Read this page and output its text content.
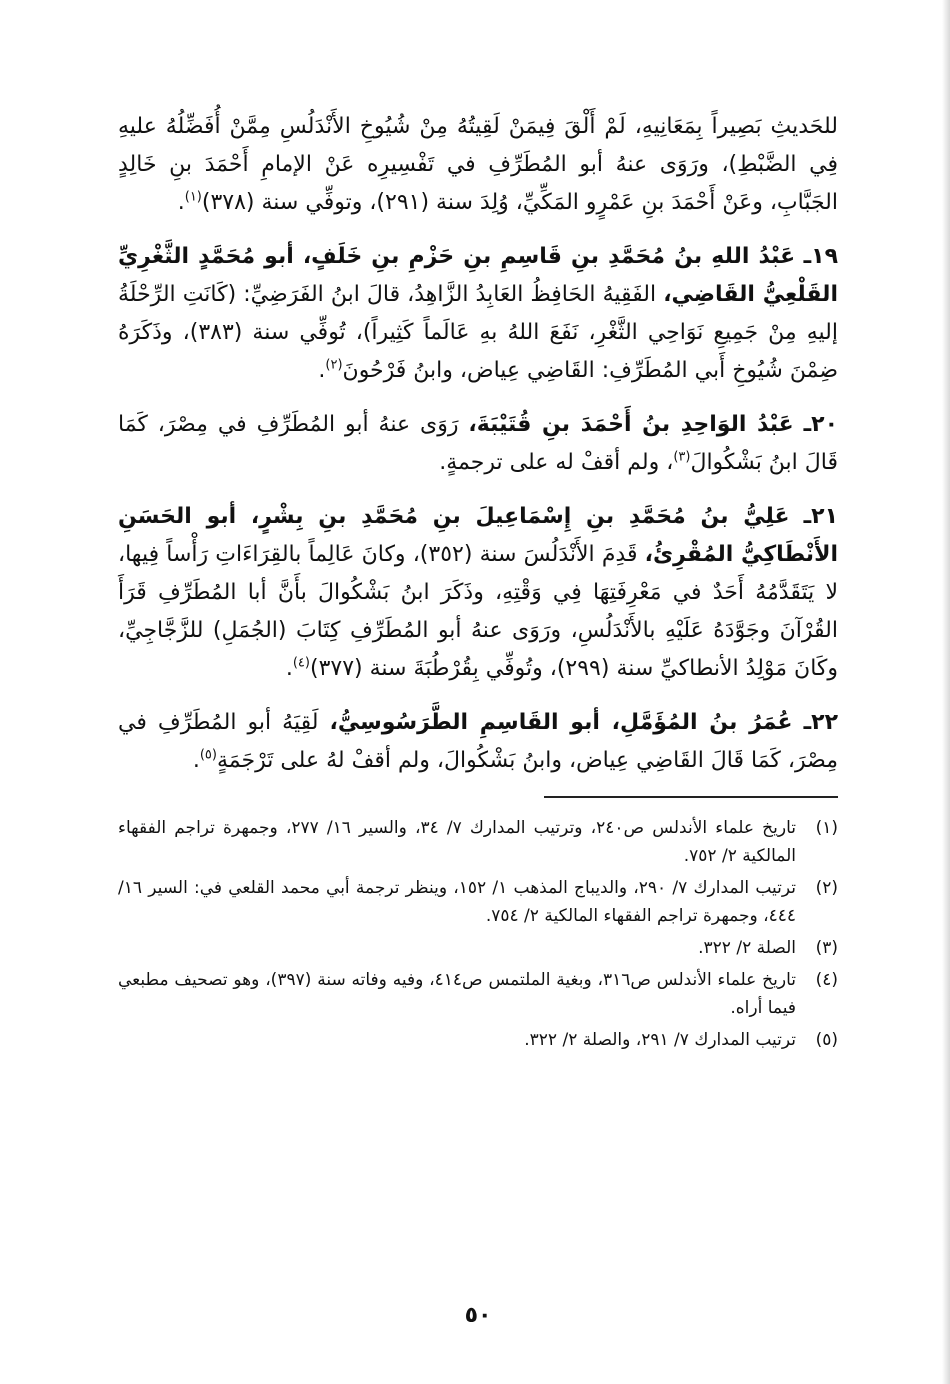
للحَديثِ بَصِيراً بِمَعَانِيهِ، لَمْ أَلْقَ فِيمَنْ لَقِيتُهُ مِنْ شُيُوخِ الأَنْدَلُسِ مِمَّنْ أُفَضِّلُهُ عليهِ فِي الضَّبْطِ)، ورَوَى عنهُ أبو المُطَرِّفِ في تَفْسِيرِه عَنْ الإمامِ أَحْمَدَ بنِ خَالِدٍ الجَبَّابِ، وعَنْ أَحْمَدَ بنِ عَمْرٍو المَكِّيِّ، وُلِدَ سنة (٢٩١)، وتوفِّي سنة (٣٧٨)$^{(١)}$.

١٩ـ عَبْدُ اللهِ بنُ مُحَمَّدِ بنِ قَاسِمِ بنِ حَزْمِ بنِ خَلَفٍ، أبو مُحَمَّدٍ الثَّغْرِيِّ القَلْعِيُّ القَاضِي، الفَقِيهُ الحَافِظُ العَابِدُ الزَّاهِدُ، قالَ ابنُ الفَرَضِيِّ: (كَانَتِ الرِّحْلَةُ إليهِ مِنْ جَمِيعِ نَوَاحِي الثَّغْرِ، نَفَعَ اللهُ بهِ عَالَماً كَثِيراً)، تُوفِّي سنة (٣٨٣)، وذَكَرَهُ ضِمْنَ شُيُوخِ أَبي المُطَرِّفِ: القَاضِي عِياض، وابنُ فَرْحُونَ$^{(٢)}$.

٢٠ـ عَبْدُ الوَاحِدِ بنُ أَحْمَدَ بنِ قُتَيْبَةَ، رَوَى عنهُ أبو المُطَرِّفِ في مِصْرَ، كَمَا قَالَ ابنُ بَشْكُوالَ$^{(٣)}$، ولم أقفْ له على ترجمةٍ.

٢١ـ عَلِيُّ بنُ مُحَمَّدِ بنِ إِسْمَاعِيلَ بنِ مُحَمَّدِ بنِ بِشْرٍ، أبو الحَسَنِ الأَنْطَاكِيُّ المُقْرِئُ، قَدِمَ الأَنْدَلُسَ سنة (٣٥٢)، وكانَ عَالِماً بالقِرَاءَاتِ رَأْساً فِيها، لا يَتَقَدَّمُهُ أَحَدٌ في مَعْرِفَتِهَا فِي وَقْتِهِ، وذَكَرَ ابنُ بَشْكُوالَ بأَنَّ أبا المُطَرِّفِ قَرَأَ القُرْآنَ وجَوَّدَهُ عَلَيْهِ بالأَنْدَلُسِ، ورَوَى عنهُ أبو المُطَرِّفِ كِتَابَ (الجُمَلِ) للزَّجَّاجِيِّ، وكَانَ مَوْلِدُ الأنطاكيِّ سنة (٢٩٩)، وتُوفِّي بِقُرْطُبَةَ سنة (٣٧٧)$^{(٤)}$.

٢٢ـ عُمَرُ بنُ المُؤَمَّلِ، أبو القَاسِمِ الطَّرَسُوسِيُّ، لَقِيَهُ أبو المُطَرِّفِ في مِصْرَ، كَمَا قَالَ القَاضِي عِياض، وابنُ بَشْكُوالَ، ولم أقفْ لهُ على تَرْجَمَةٍ$^{(٥)}$.

(١)
تاريخ علماء الأندلس ص٢٤٠، وترتيب المدارك ٧/ ٣٤، والسير ١٦/ ٢٧٧، وجمهرة تراجم الفقهاء المالكية ٢/ ٧٥٢.
(٢)
ترتيب المدارك ٧/ ٢٩٠، والديباج المذهب ١/ ١٥٢، وينظر ترجمة أبي محمد القلعي في: السير ١٦/ ٤٤٤، وجمهرة تراجم الفقهاء المالكية ٢/ ٧٥٤.
(٣)
الصلة ٢/ ٣٢٢.
(٤)
تاريخ علماء الأندلس ص٣١٦، وبغية الملتمس ص٤١٤، وفيه وفاته سنة (٣٩٧)، وهو تصحيف مطبعي فيما أراه.
(٥)
ترتيب المدارك ٧/ ٢٩١، والصلة ٢/ ٣٢٢.
٥٠
